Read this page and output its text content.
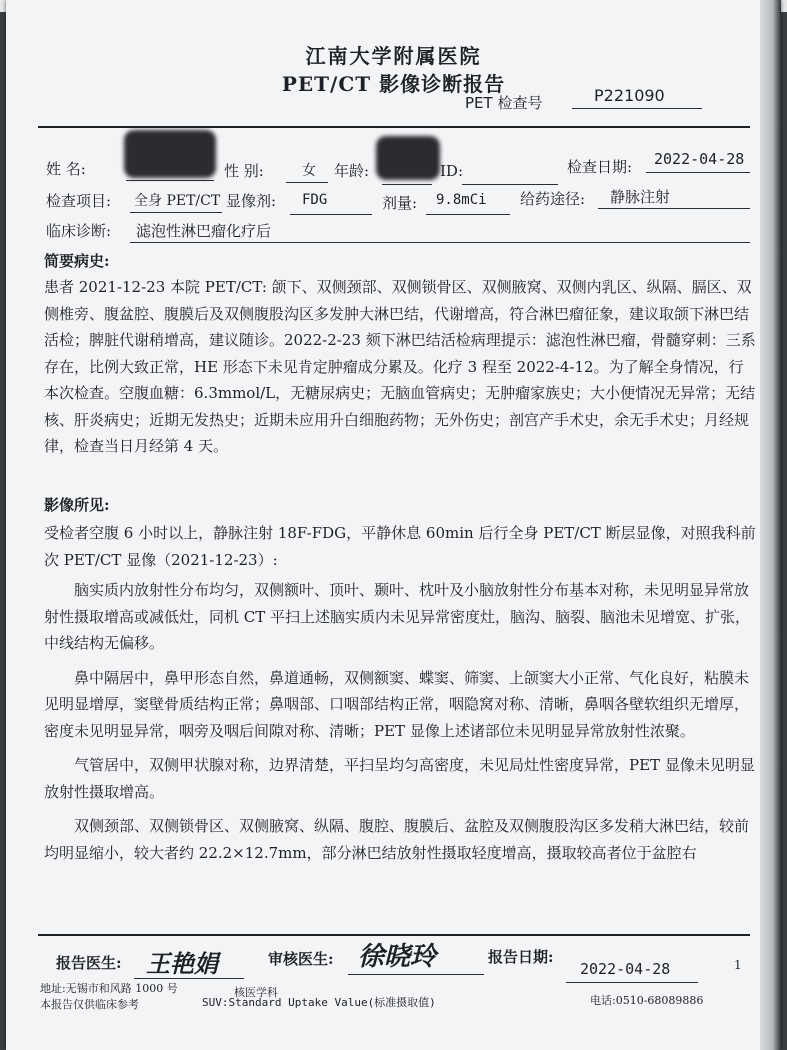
江南大学附属医院
PET/CT 影像诊断报告
PET 检查号	P221090
姓 名:	性 别:	女 年龄:	ID:	检查日期: 2022-04-28
检查项目: 全身 PET/CT 显像剂: FDG	剂量: 9.8mCi 给药途径: 静脉注射
临床诊断: 滤泡性淋巴瘤化疗后
简要病史:

患者 2021-12-23 本院 PET/CT: 颌下、双侧颈部、双侧锁骨区、双侧腋窝、双侧内乳区、纵隔、膈区、双侧椎旁、腹盆腔、腹膜后及双侧腹股沟区多发肿大淋巴结，代谢增高，符合淋巴瘤征象，建议取颌下淋巴结活检；脾脏代谢稍增高，建议随诊。2022-2-23 颏下淋巴结活检病理提示：滤泡性淋巴瘤，骨髓穿刺：三系存在，比例大致正常，HE 形态下未见肯定肿瘤成分累及。化疗 3 程至 2022-4-12。为了解全身情况，行本次检查。空腹血糖：6.3mmol/L，无糖尿病史；无脑血管病史；无肿瘤家族史；大小便情况无异常；无结核、肝炎病史；近期无发热史；近期未应用升白细胞药物；无外伤史；剖宫产手术史，余无手术史；月经规律，检查当日月经第 4 天。

影像所见:

受检者空腹 6 小时以上，静脉注射 18F-FDG，平静休息 60min 后行全身 PET/CT 断层显像，对照我科前次 PET/CT 显像（2021-12-23）:

脑实质内放射性分布均匀，双侧额叶、顶叶、颞叶、枕叶及小脑放射性分布基本对称，未见明显异常放射性摄取增高或减低灶，同机 CT 平扫上述脑实质内未见异常密度灶，脑沟、脑裂、脑池未见增宽、扩张，中线结构无偏移。

鼻中隔居中，鼻甲形态自然，鼻道通畅，双侧额窦、蝶窦、筛窦、上颌窦大小正常、气化良好，粘膜未见明显增厚，窦壁骨质结构正常；鼻咽部、口咽部结构正常，咽隐窝对称、清晰，鼻咽各壁软组织无增厚，密度未见明显异常，咽旁及咽后间隙对称、清晰；PET 显像上述诸部位未见明显异常放射性浓聚。

气管居中，双侧甲状腺对称，边界清楚，平扫呈均匀高密度，未见局灶性密度异常，PET 显像未见明显放射性摄取增高。

双侧颈部、双侧锁骨区、双侧腋窝、纵隔、腹腔、腹膜后、盆腔及双侧腹股沟区多发稍大淋巴结，较前均明显缩小，较大者约 22.2×12.7mm，部分淋巴结放射性摄取轻度增高，摄取较高者位于盆腔右

报告医生: 王艳娟	审核医生: 徐晓玲	报告日期:
2022-04-28	1
地址:无锡市和风路 1000 号	核医学科
本报告仅供临床参考	SUV:Standard Uptake Value(标准摄取值)	电话:0510-68089886
